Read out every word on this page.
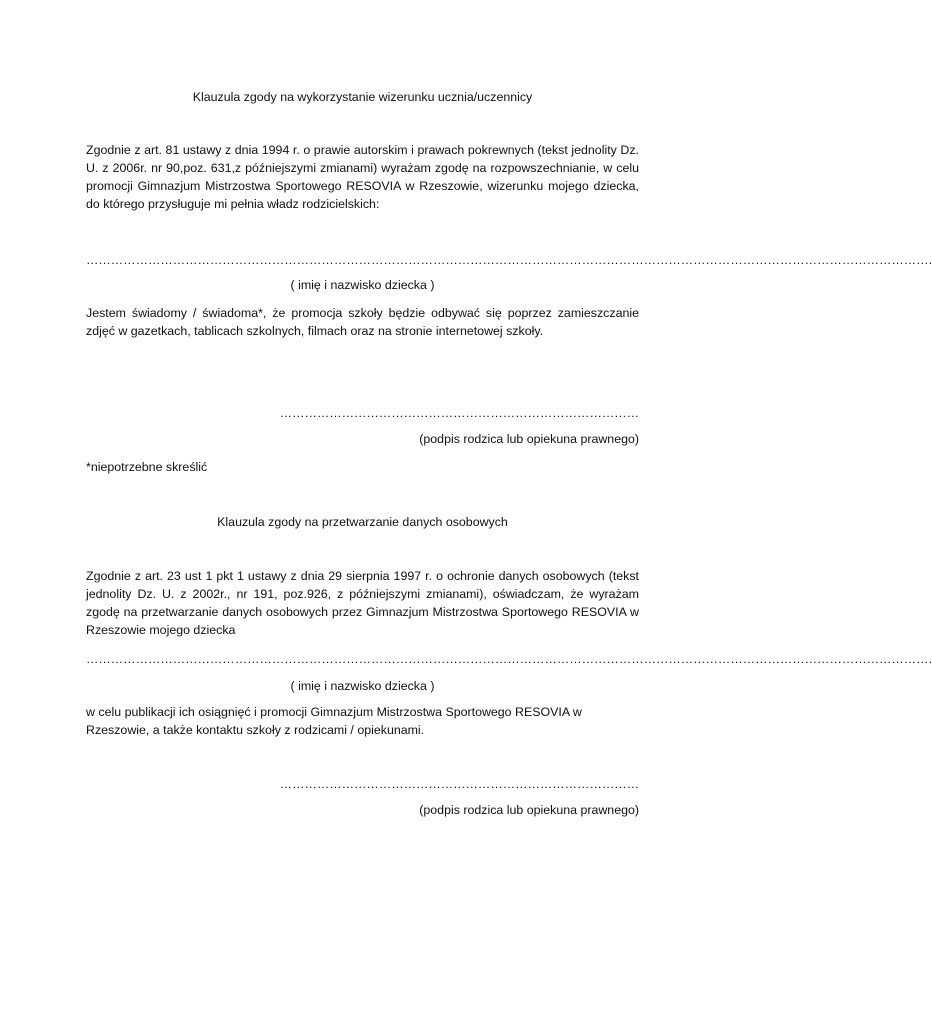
Klauzula zgody na wykorzystanie wizerunku ucznia/uczennicy
Zgodnie z art. 81 ustawy z dnia 1994 r. o prawie autorskim i prawach pokrewnych (tekst jednolity Dz. U. z 2006r. nr 90,poz. 631,z późniejszymi zmianami) wyrażam zgodę na rozpowszechnianie, w celu promocji Gimnazjum Mistrzostwa Sportowego RESOVIA w Rzeszowie, wizerunku mojego dziecka, do którego przysługuje mi pełnia władz rodzicielskich:
…………………………………………………………………………………………………………………………………………………………………………………….
( imię i nazwisko dziecka )
Jestem świadomy / świadoma*, że promocja szkoły będzie odbywać się poprzez zamieszczanie zdjęć w gazetkach, tablicach szkolnych, filmach oraz na stronie internetowej szkoły.
……………………………………………………………………………
(podpis rodzica lub opiekuna prawnego)
*niepotrzebne skreślić
Klauzula zgody na przetwarzanie danych osobowych
Zgodnie z art. 23 ust 1 pkt 1 ustawy z dnia 29 sierpnia 1997 r. o ochronie danych osobowych (tekst jednolity Dz. U. z 2002r., nr 191, poz.926, z późniejszymi zmianami), oświadczam, że wyrażam zgodę na przetwarzanie danych osobowych przez Gimnazjum Mistrzostwa Sportowego RESOVIA w Rzeszowie mojego dziecka
…………………………………………………………………………………………………………………………………………………………………………………….
( imię i nazwisko dziecka )
w celu publikacji ich osiągnięć i promocji Gimnazjum Mistrzostwa Sportowego RESOVIA w Rzeszowie, a także kontaktu szkoły z rodzicami / opiekunami.
……………………………………………………………………………
(podpis rodzica lub opiekuna prawnego)
